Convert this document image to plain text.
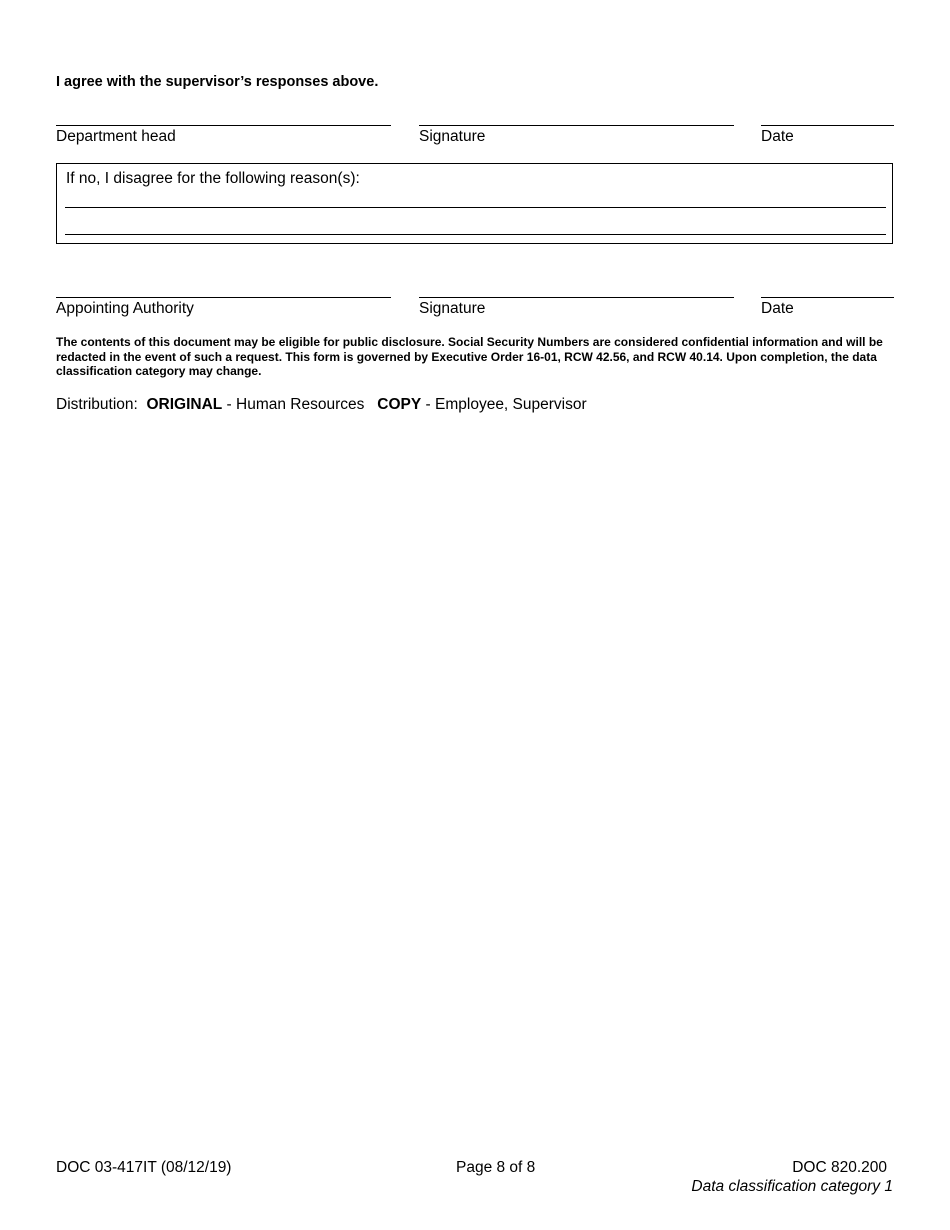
I agree with the supervisor’s responses above.
Department head	Signature	Date
If no, I disagree for the following reason(s):
Appointing Authority	Signature	Date
The contents of this document may be eligible for public disclosure. Social Security Numbers are considered confidential information and will be redacted in the event of such a request. This form is governed by Executive Order 16-01, RCW 42.56, and RCW 40.14. Upon completion, the data classification category may change.
Distribution:  ORIGINAL - Human Resources   COPY - Employee, Supervisor
DOC 03-417IT (08/12/19)	Page 8 of 8	DOC 820.200
Data classification category 1
